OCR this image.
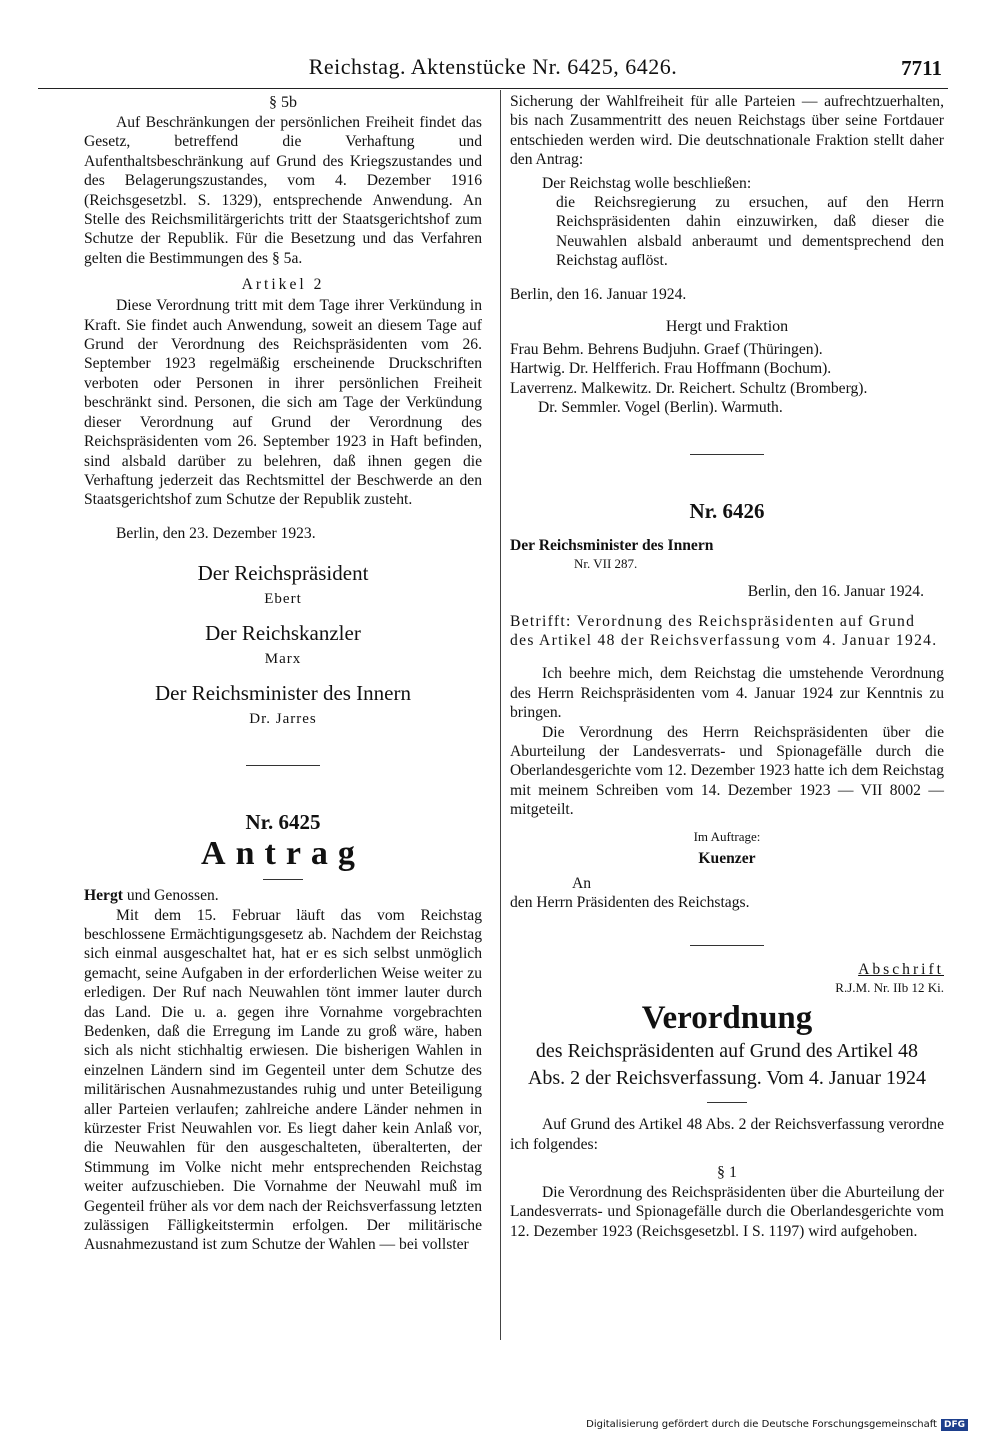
Reichstag. Aktenstücke Nr. 6425, 6426.	7711
§ 5b

Auf Beschränkungen der persönlichen Freiheit findet das Gesetz, betreffend die Verhaftung und Aufenthaltsbeschränkung auf Grund des Kriegszustandes und des Belagerungszustandes, vom 4. Dezember 1916 (Reichsgesetzbl. S. 1329), entsprechende Anwendung. An Stelle des Reichsmilitärgerichts tritt der Staatsgerichtshof zum Schutze der Republik. Für die Besetzung und das Verfahren gelten die Bestimmungen des § 5a.

Artikel 2

Diese Verordnung tritt mit dem Tage ihrer Verkündung in Kraft. Sie findet auch Anwendung, soweit an diesem Tage auf Grund der Verordnung des Reichspräsidenten vom 26. September 1923 regelmäßig erscheinende Druckschriften verboten oder Personen in ihrer persönlichen Freiheit beschränkt sind. Personen, die sich am Tage der Verkündung dieser Verordnung auf Grund der Verordnung des Reichspräsidenten vom 26. September 1923 in Haft befinden, sind alsbald darüber zu belehren, daß ihnen gegen die Verhaftung jederzeit das Rechtsmittel der Beschwerde an den Staatsgerichtshof zum Schutze der Republik zusteht.

Berlin, den 23. Dezember 1923.

Der Reichspräsident
Ebert
Der Reichskanzler
Marx
Der Reichsminister des Innern
Dr. Jarres
Nr. 6425
Antrag

Hergt und Genossen.

Mit dem 15. Februar läuft das vom Reichstag beschlossene Ermächtigungsgesetz ab. Nachdem der Reichstag sich einmal ausgeschaltet hat, hat er es sich selbst unmöglich gemacht, seine Aufgaben in der erforderlichen Weise weiter zu erledigen. Der Ruf nach Neuwahlen tönt immer lauter durch das Land. Die u. a. gegen ihre Vornahme vorgebrachten Bedenken, daß die Erregung im Lande zu groß wäre, haben sich als nicht stichhaltig erwiesen. Die bisherigen Wahlen in einzelnen Ländern sind im Gegenteil unter dem Schutze des militärischen Ausnahmezustandes ruhig und unter Beteiligung aller Parteien verlaufen; zahlreiche andere Länder nehmen in kürzester Frist Neuwahlen vor. Es liegt daher kein Anlaß vor, die Neuwahlen für den ausgeschalteten, überalterten, der Stimmung im Volke nicht mehr entsprechenden Reichstag weiter aufzuschieben. Die Vornahme der Neuwahl muß im Gegenteil früher als vor dem nach der Reichsverfassung letzten zulässigen Fälligkeitstermin erfolgen. Der militärische Ausnahmezustand ist zum Schutze der Wahlen — bei vollster

Sicherung der Wahlfreiheit für alle Parteien — aufrechtzuerhalten, bis nach Zusammentritt des neuen Reichstags über seine Fortdauer entschieden werden wird. Die deutschnationale Fraktion stellt daher den Antrag:

Der Reichstag wolle beschließen:

die Reichsregierung zu ersuchen, auf den Herrn Reichspräsidenten dahin einzuwirken, daß dieser die Neuwahlen alsbald anberaumt und dementsprechend den Reichstag auflöst.

Berlin, den 16. Januar 1924.

Hergt und Fraktion

Frau Behm. Behrens Budjuhn. Graef (Thüringen).

Hartwig. Dr. Helfferich. Frau Hoffmann (Bochum).

Laverrenz. Malkewitz. Dr. Reichert. Schultz (Bromberg).

Dr. Semmler. Vogel (Berlin). Warmuth.

Nr. 6426

Der Reichsminister des Innern

Nr. VII 287.

Berlin, den 16. Januar 1924.

Betrifft: Verordnung des Reichspräsidenten auf Grund des Artikel 48 der Reichsverfassung vom 4. Januar 1924.

Ich beehre mich, dem Reichstag die umstehende Verordnung des Herrn Reichspräsidenten vom 4. Januar 1924 zur Kenntnis zu bringen.

Die Verordnung des Herrn Reichspräsidenten über die Aburteilung der Landesverrats- und Spionagefälle durch die Oberlandesgerichte vom 12. Dezember 1923 hatte ich dem Reichstag mit meinem Schreiben vom 14. Dezember 1923 — VII 8002 — mitgeteilt.

Im Auftrage:

Kuenzer

An

den Herrn Präsidenten des Reichstags.

Abschrift

R.J.M. Nr. IIb 12 Ki.

Verordnung
des Reichspräsidenten auf Grund des Artikel 48
Abs. 2 der Reichsverfassung. Vom 4. Januar 1924

Auf Grund des Artikel 48 Abs. 2 der Reichsverfassung verordne ich folgendes:

§ 1

Die Verordnung des Reichspräsidenten über die Aburteilung der Landesverrats- und Spionagefälle durch die Oberlandesgerichte vom 12. Dezember 1923 (Reichsgesetzbl. I S. 1197) wird aufgehoben.

Digitalisierung gefördert durch die Deutsche Forschungsgemeinschaft DFG
